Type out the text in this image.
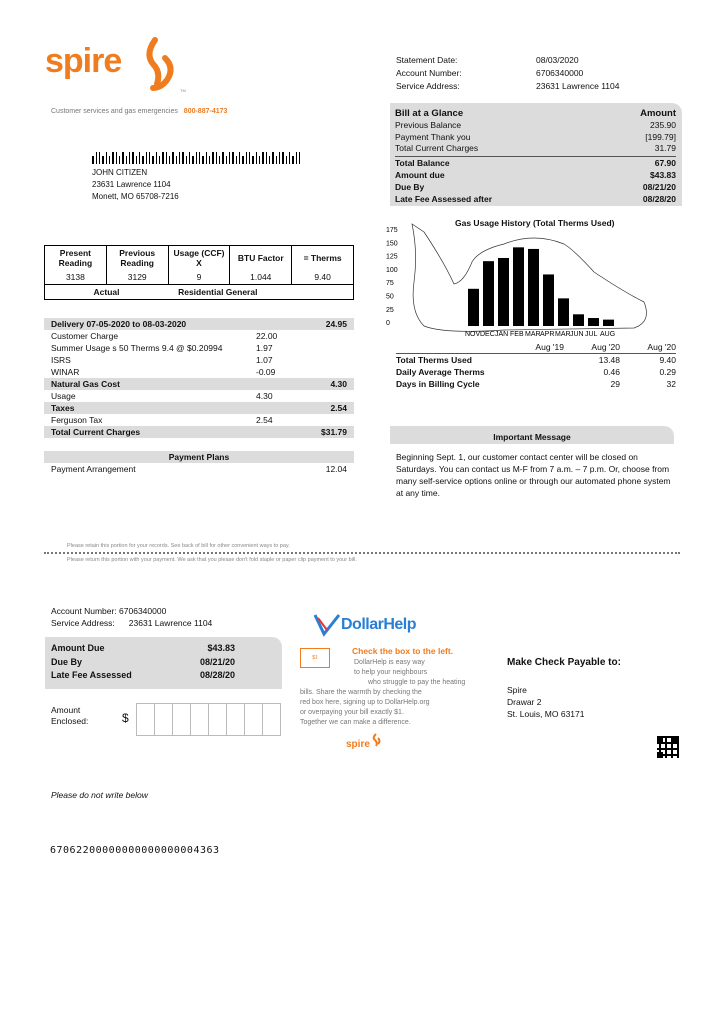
spire
TM
Customer services and gas emergencies 800-887-4173
JOHN CITIZEN
23631 Lawrence 1104
Monett, MO 65708-7216
Statement Date:	08/03/2020
Account Number:	6706340000
Service Address:	23631 Lawrence 1104
Bill at a Glance	Amount
Previous Balance	235.90
Payment Thank you	[199.79]
Total Current Charges	31.79
Total Balance	67.90
Amount due	$43.83
Due By	08/21/20
Late Fee Assessed after	08/28/20
Present Reading	Previous Reading	Usage (CCF) X	BTU Factor	= Therms
3138	3129	9	1.044	9.40
Actual		Residential General		
Delivery 07-05-2020 to 08-03-2020	24.95
Customer Charge	22.00
Summer Usage s 50 Therms 9.4 @ $0.20994	1.97
ISRS	1.07
WINAR	-0.09
Natural Gas Cost	4.30
Usage	4.30
Taxes	2.54
Ferguson Tax	2.54
Total Current Charges	$31.79
Payment Plans
Payment Arrangement	12.04
Gas Usage History (Total Therms Used)
175
150
125
100
75
50
25
0
NOV DEC JAN FEB MAR APR MAR JUN JUL AUG
Aug '19	Aug '20	Aug '20
Total Therms Used	13.48	9.40
Daily Average Therms	0.46	0.29
Days in Billing Cycle	29	32
Important Message
Beginning Sept. 1, our customer contact center will be closed on Saturdays. You can contact us M-F from 7 a.m. – 7 p.m. Or, choose from many self-service options online or through our automated phone system at any time.
Please retain this portion for your records. See back of bill for other convenient ways to pay.
Please return this portion with your payment. We ask that you please don't fold staple or paper clip payment to your bill.
Account Number: 6706340000
Service Address: 23631 Lawrence 1104
Amount Due	$43.83
Due By	08/21/20
Late Fee Assessed	08/28/20
Amount
Enclosed:	$
Please do not write below
67062200000000000000004363
DollarHelp
$1
Check the box to the left.
DollarHelp is easy way
to help your neighbours
who struggle to pay the heating
bills. Share the warmth by checking the
red box here, signing up to DollarHelp.org
or overpaying your bill exactly $1.
Together we can make a difference.
spire
Make Check Payable to:
Spire
Drawar 2
St. Louis, MO 63171
